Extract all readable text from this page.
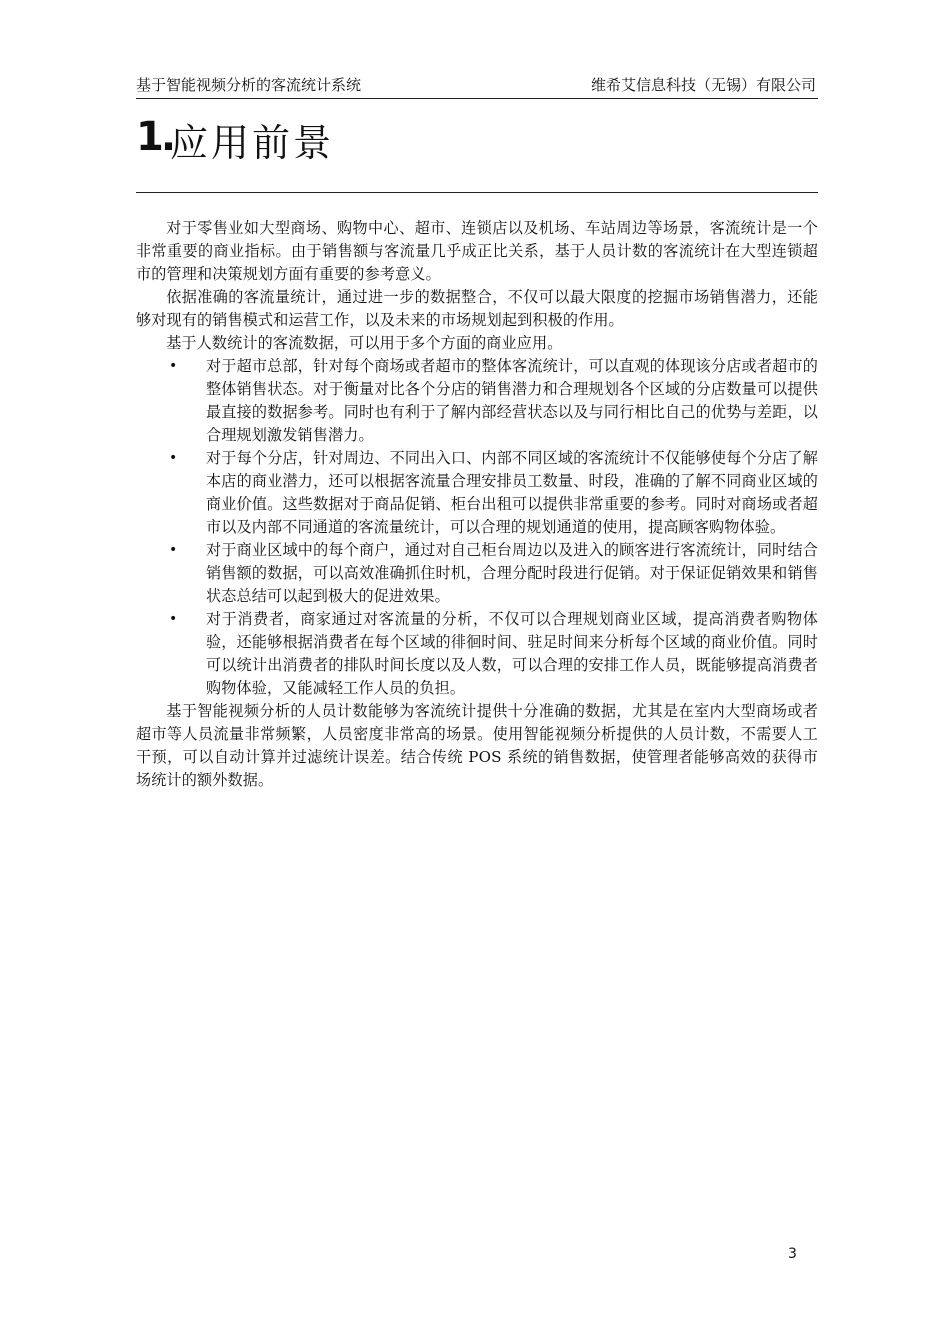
基于智能视频分析的客流统计系统	维希艾信息科技（无锡）有限公司
1.
应用前景

对于零售业如大型商场、购物中心、超市、连锁店以及机场、车站周边等场景，客流统计是一个非常重要的商业指标。由于销售额与客流量几乎成正比关系，基于人员计数的客流统计在大型连锁超市的管理和决策规划方面有重要的参考意义。

依据准确的客流量统计，通过进一步的数据整合，不仅可以最大限度的挖掘市场销售潜力，还能够对现有的销售模式和运营工作，以及未来的市场规划起到积极的作用。

基于人数统计的客流数据，可以用于多个方面的商业应用。

• 对于超市总部，针对每个商场或者超市的整体客流统计，可以直观的体现该分店或者超市的整体销售状态。对于衡量对比各个分店的销售潜力和合理规划各个区域的分店数量可以提供最直接的数据参考。同时也有利于了解内部经营状态以及与同行相比自己的优势与差距，以合理规划激发销售潜力。
• 对于每个分店，针对周边、不同出入口、内部不同区域的客流统计不仅能够使每个分店了解本店的商业潜力，还可以根据客流量合理安排员工数量、时段，准确的了解不同商业区域的商业价值。这些数据对于商品促销、柜台出租可以提供非常重要的参考。同时对商场或者超市以及内部不同通道的客流量统计，可以合理的规划通道的使用，提高顾客购物体验。
• 对于商业区域中的每个商户，通过对自己柜台周边以及进入的顾客进行客流统计，同时结合销售额的数据，可以高效准确抓住时机，合理分配时段进行促销。对于保证促销效果和销售状态总结可以起到极大的促进效果。
• 对于消费者，商家通过对客流量的分析，不仅可以合理规划商业区域，提高消费者购物体验，还能够根据消费者在每个区域的徘徊时间、驻足时间来分析每个区域的商业价值。同时可以统计出消费者的排队时间长度以及人数，可以合理的安排工作人员，既能够提高消费者购物体验，又能减轻工作人员的负担。

基于智能视频分析的人员计数能够为客流统计提供十分准确的数据，尤其是在室内大型商场或者超市等人员流量非常频繁，人员密度非常高的场景。使用智能视频分析提供的人员计数，不需要人工干预，可以自动计算并过滤统计误差。结合传统 POS 系统的销售数据，使管理者能够高效的获得市场统计的额外数据。

3
